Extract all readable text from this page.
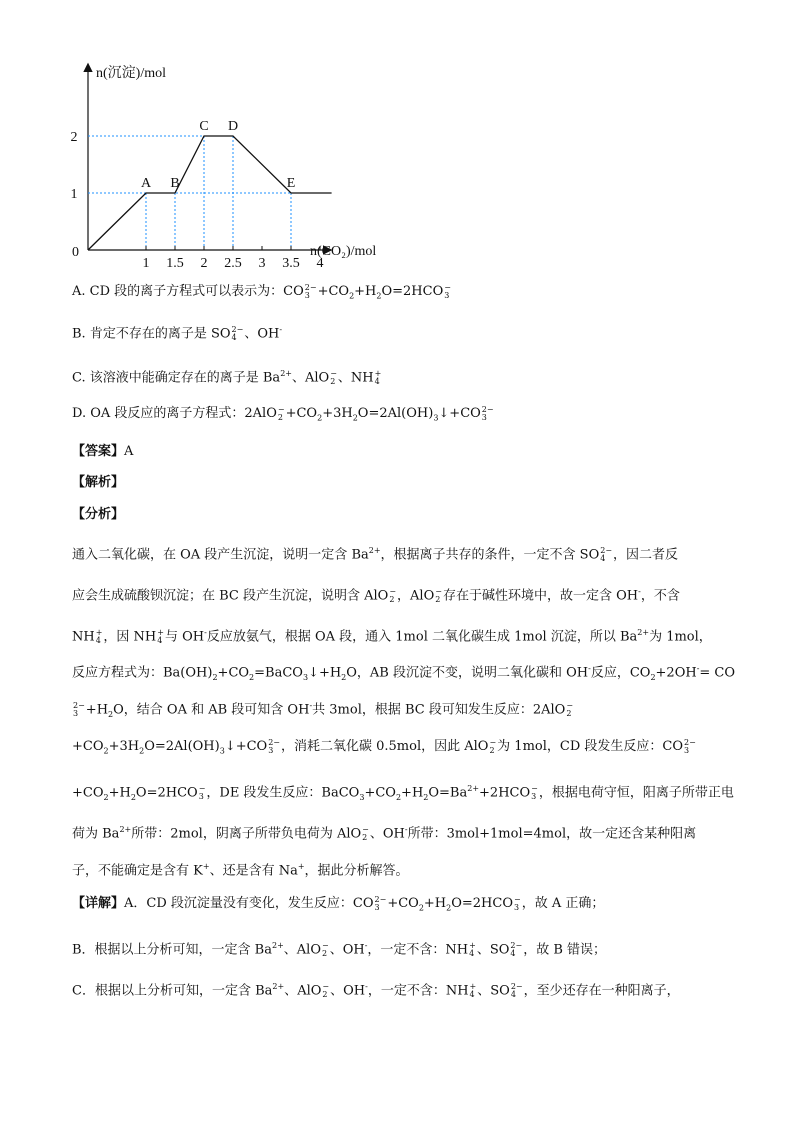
n(沉淀)/mol
n(CO₂)/mol
0
1 1.5 2 2.5 3 3.5 4
1
2
A B
C D
E
A. CD 段的离子方程式可以表示为：CO 2−
$3 +CO_2+H_2O=2HCO$ −
3
B. 肯定不存在的离子是 SO 2−
4 、OH-
C. 该溶液中能确定存在的离子是 $Ba^{2+}$、AlO −
2 、NH +
4
D. OA 段反应的离子方程式：2AlO −
$2 +CO_2+3H_2O=2Al(OH)_3↓+CO$ 2−
3
【答案】A
【解析】
【分析】
通入二氧化碳，在 OA 段产生沉淀，说明一定含 $Ba^{2+}$，根据离子共存的条件，一定不含 SO 2−
4 ，因二者反
应会生成硫酸钡沉淀；在 BC 段产生沉淀，说明含 AlO −
2 ，AlO −
2 存在于碱性环境中，故一定含 OH-，不含
NH +
4 ，因 NH +
4 与 OH-反应放氨气，根据 OA 段，通入 1mol 二氧化碳生成 1mol 沉淀，所以 $Ba^{2+}$为 1mol，
反应方程式为：$Ba(OH)_2+CO_2=BaCO_3↓+H_2O$，AB 段沉淀不变，说明二氧化碳和 OH-反应，$CO_2+2OH^-=$ CO
2−
$3 +H_2O$，结合 OA 和 AB 段可知含 OH-共 3mol，根据 BC 段可知发生反应：2AlO −
2
$+CO_2+3H_2O=2Al(OH)_3↓+CO$ 2−
3 ，消耗二氧化碳 0.5mol，因此 AlO −
2 为 1mol，CD 段发生反应：CO 2−
3
$+CO_2+H_2O=2HCO$ −
3 ，DE 段发生反应：$BaCO_3+CO_2+H_2O=Ba^{2+}+2HCO$ −
3 ，根据电荷守恒，阳离子所带正电
荷为 $Ba^{2+}$所带：2mol，阴离子所带负电荷为 AlO −
2 、OH-所带：3mol+1mol=4mol，故一定还含某种阳离
子，不能确定是含有 K+、还是含有 Na+，据此分析解答。
【详解】A．CD 段沉淀量没有变化，发生反应：CO 2−
$3 +CO_2+H_2O=2HCO$ −
3 ，故 A 正确；
B．根据以上分析可知，一定含 $Ba^{2+}$、AlO −
2 、OH-，一定不含：NH +
4 、SO 2−
4 ，故 B 错误；
C．根据以上分析可知，一定含 $Ba^{2+}$、AlO −
2 、OH-，一定不含：NH +
4 、SO 2−
4 ，至少还存在一种阳离子，
